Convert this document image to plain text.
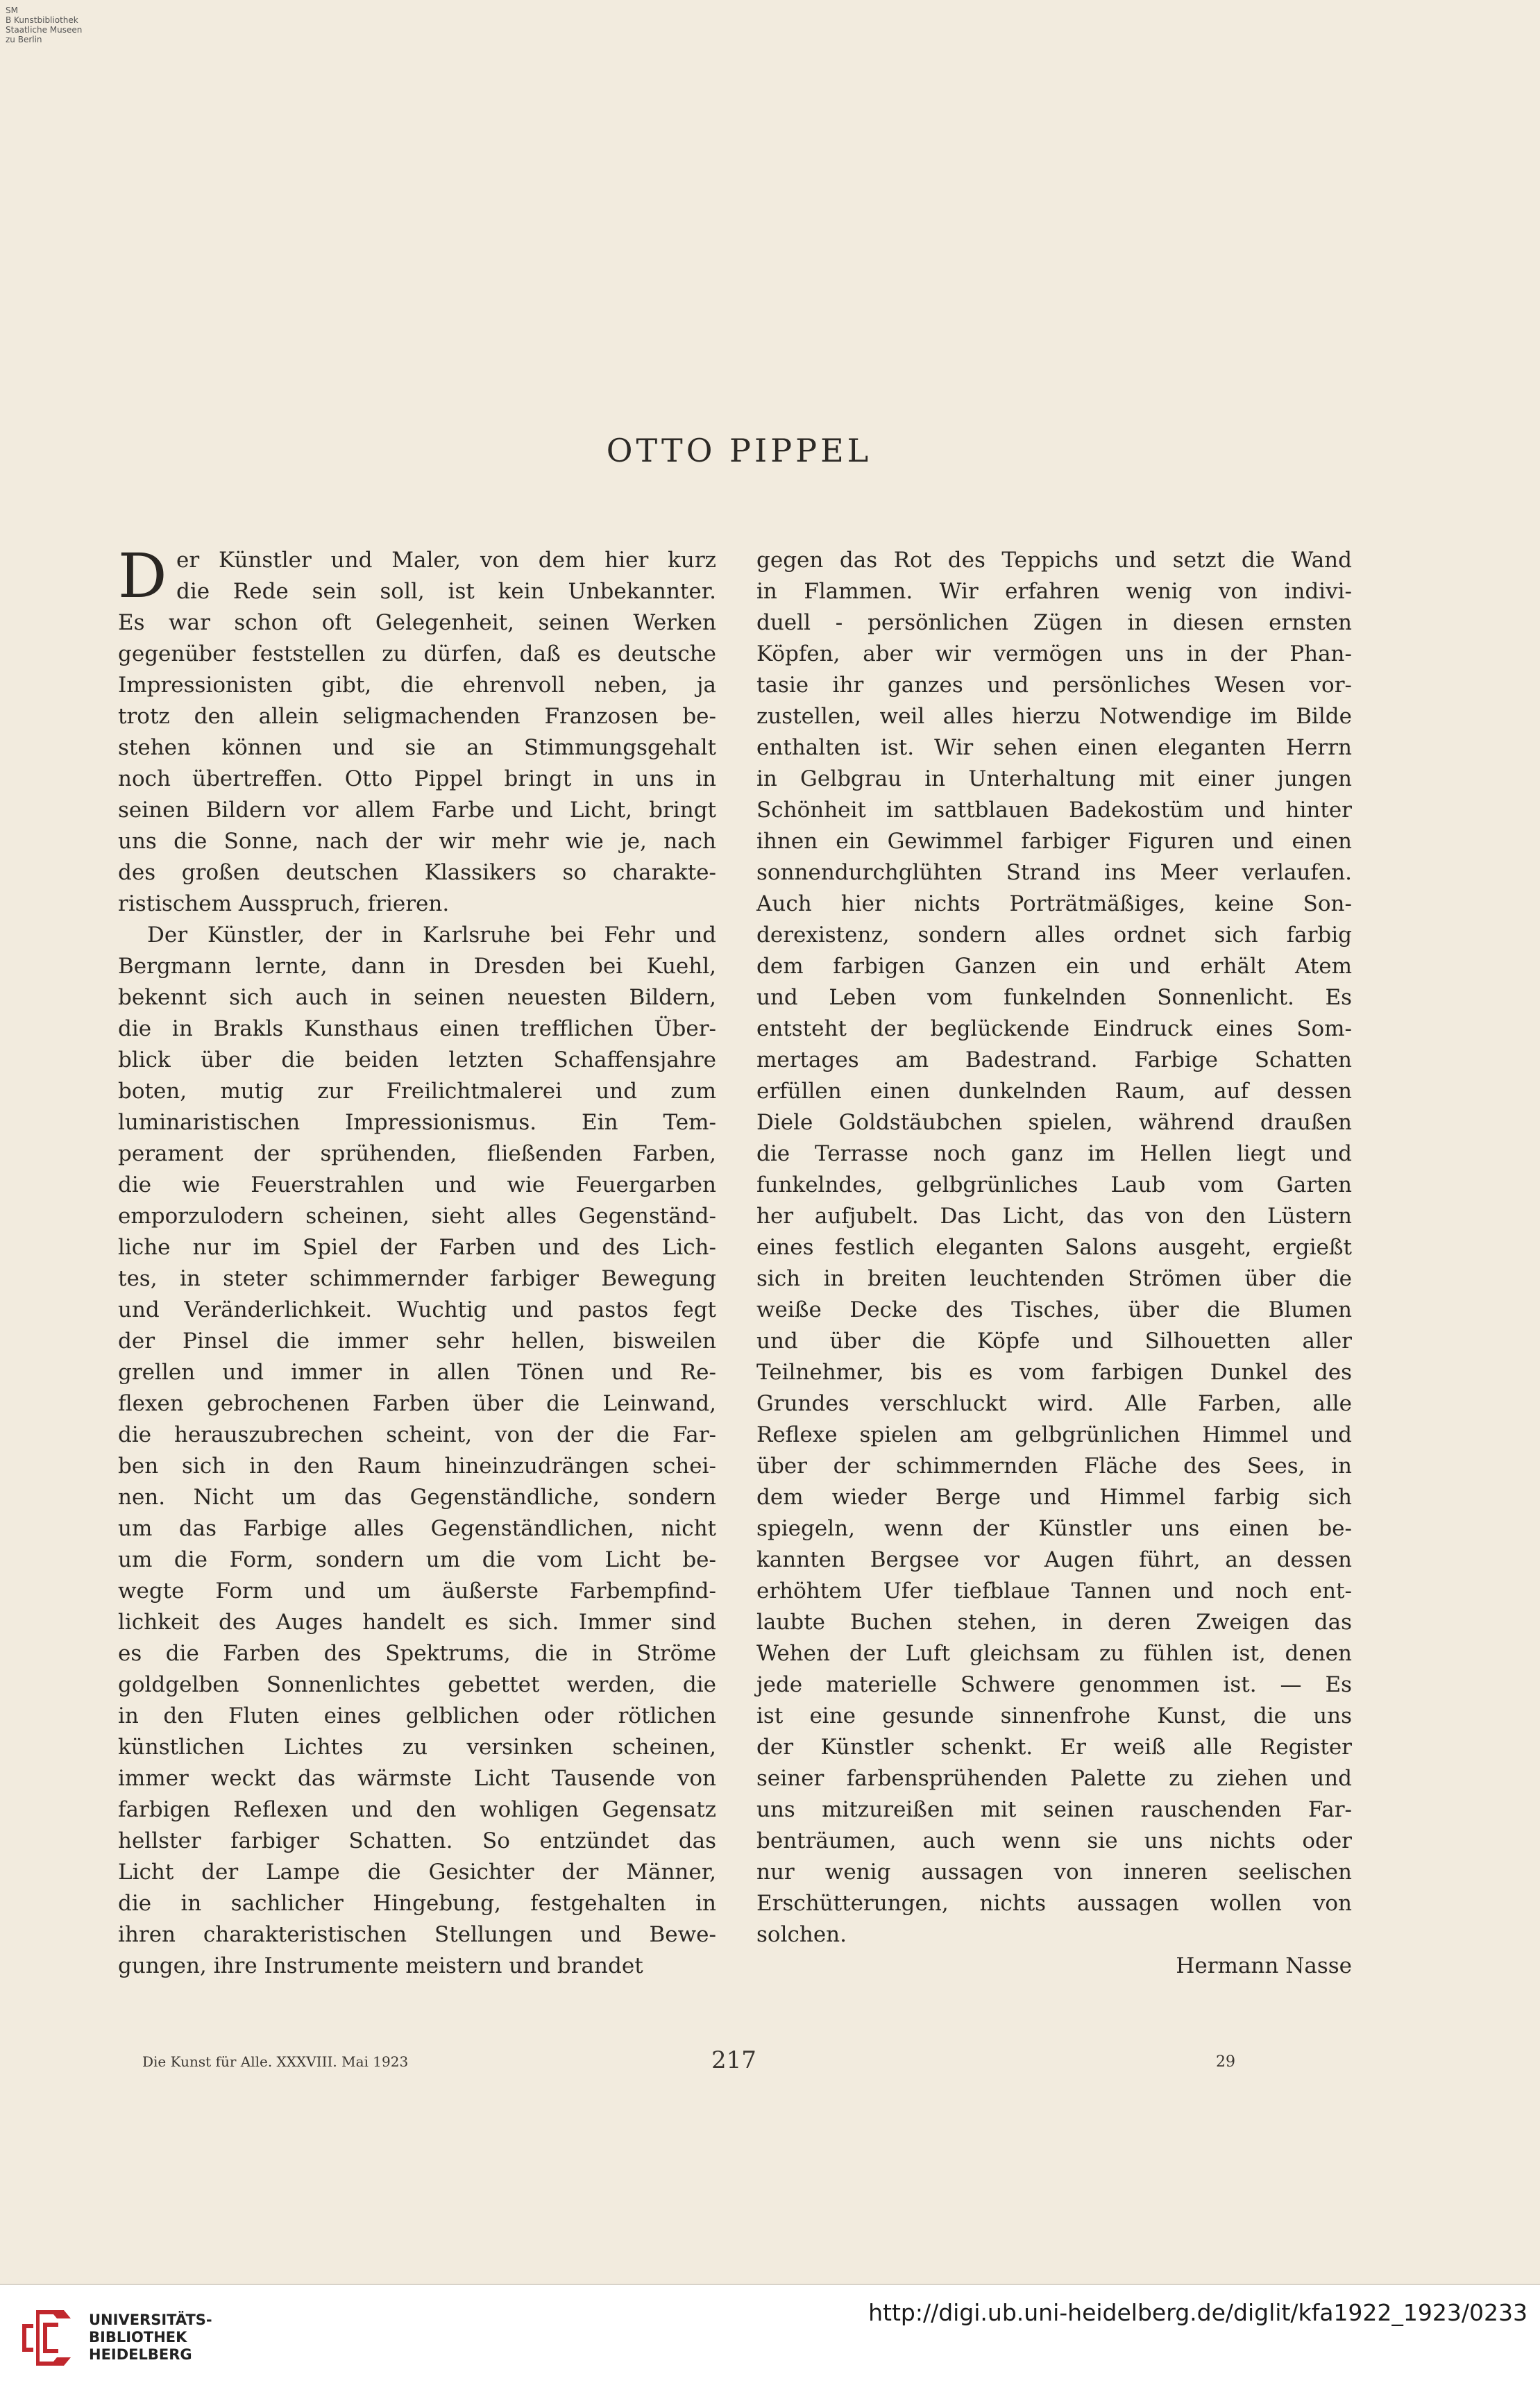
SM
B Kunstbibliothek
Staatliche Museen
zu Berlin
OTTO PIPPEL
D er Künstler und Maler, von dem hier kurz
die Rede sein soll, ist kein Unbekannter.
Es war schon oft Gelegenheit, seinen Werken
gegenüber feststellen zu dürfen, daß es deutsche
Impressionisten gibt, die ehrenvoll neben, ja
trotz den allein seligmachenden Franzosen be-
stehen können und sie an Stimmungsgehalt
noch übertreffen. Otto Pippel bringt in uns in
seinen Bildern vor allem Farbe und Licht, bringt
uns die Sonne, nach der wir mehr wie je, nach
des großen deutschen Klassikers so charakte-
ristischem Ausspruch, frieren.
Der Künstler, der in Karlsruhe bei Fehr und
Bergmann lernte, dann in Dresden bei Kuehl,
bekennt sich auch in seinen neuesten Bildern,
die in Brakls Kunsthaus einen trefflichen Über-
blick über die beiden letzten Schaffensjahre
boten, mutig zur Freilichtmalerei und zum
luminaristischen Impressionismus. Ein Tem-
perament der sprühenden, fließenden Farben,
die wie Feuerstrahlen und wie Feuergarben
emporzulodern scheinen, sieht alles Gegenständ-
liche nur im Spiel der Farben und des Lich-
tes, in steter schimmernder farbiger Bewegung
und Veränderlichkeit. Wuchtig und pastos fegt
der Pinsel die immer sehr hellen, bisweilen
grellen und immer in allen Tönen und Re-
flexen gebrochenen Farben über die Leinwand,
die herauszubrechen scheint, von der die Far-
ben sich in den Raum hineinzudrängen schei-
nen. Nicht um das Gegenständliche, sondern
um das Farbige alles Gegenständlichen, nicht
um die Form, sondern um die vom Licht be-
wegte Form und um äußerste Farbempfind-
lichkeit des Auges handelt es sich. Immer sind
es die Farben des Spektrums, die in Ströme
goldgelben Sonnenlichtes gebettet werden, die
in den Fluten eines gelblichen oder rötlichen
künstlichen Lichtes zu versinken scheinen,
immer weckt das wärmste Licht Tausende von
farbigen Reflexen und den wohligen Gegensatz
hellster farbiger Schatten. So entzündet das
Licht der Lampe die Gesichter der Männer,
die in sachlicher Hingebung, festgehalten in
ihren charakteristischen Stellungen und Bewe-
gungen, ihre Instrumente meistern und brandet
gegen das Rot des Teppichs und setzt die Wand
in Flammen. Wir erfahren wenig von indivi-
duell - persönlichen Zügen in diesen ernsten
Köpfen, aber wir vermögen uns in der Phan-
tasie ihr ganzes und persönliches Wesen vor-
zustellen, weil alles hierzu Notwendige im Bilde
enthalten ist. Wir sehen einen eleganten Herrn
in Gelbgrau in Unterhaltung mit einer jungen
Schönheit im sattblauen Badekostüm und hinter
ihnen ein Gewimmel farbiger Figuren und einen
sonnendurchglühten Strand ins Meer verlaufen.
Auch hier nichts Porträtmäßiges, keine Son-
derexistenz, sondern alles ordnet sich farbig
dem farbigen Ganzen ein und erhält Atem
und Leben vom funkelnden Sonnenlicht. Es
entsteht der beglückende Eindruck eines Som-
mertages am Badestrand. Farbige Schatten
erfüllen einen dunkelnden Raum, auf dessen
Diele Goldstäubchen spielen, während draußen
die Terrasse noch ganz im Hellen liegt und
funkelndes, gelbgrünliches Laub vom Garten
her aufjubelt. Das Licht, das von den Lüstern
eines festlich eleganten Salons ausgeht, ergießt
sich in breiten leuchtenden Strömen über die
weiße Decke des Tisches, über die Blumen
und über die Köpfe und Silhouetten aller
Teilnehmer, bis es vom farbigen Dunkel des
Grundes verschluckt wird. Alle Farben, alle
Reflexe spielen am gelbgrünlichen Himmel und
über der schimmernden Fläche des Sees, in
dem wieder Berge und Himmel farbig sich
spiegeln, wenn der Künstler uns einen be-
kannten Bergsee vor Augen führt, an dessen
erhöhtem Ufer tiefblaue Tannen und noch ent-
laubte Buchen stehen, in deren Zweigen das
Wehen der Luft gleichsam zu fühlen ist, denen
jede materielle Schwere genommen ist. — Es
ist eine gesunde sinnenfrohe Kunst, die uns
der Künstler schenkt. Er weiß alle Register
seiner farbensprühenden Palette zu ziehen und
uns mitzureißen mit seinen rauschenden Far-
benträumen, auch wenn sie uns nichts oder
nur wenig aussagen von inneren seelischen
Erschütterungen, nichts aussagen wollen von
solchen.
Hermann Nasse
Die Kunst für Alle. XXXVIII. Mai 1923	217	29
UNIVERSITÄTS-
BIBLIOTHEK
HEIDELBERG
http://digi.ub.uni-heidelberg.de/diglit/kfa1922_1923/0233
